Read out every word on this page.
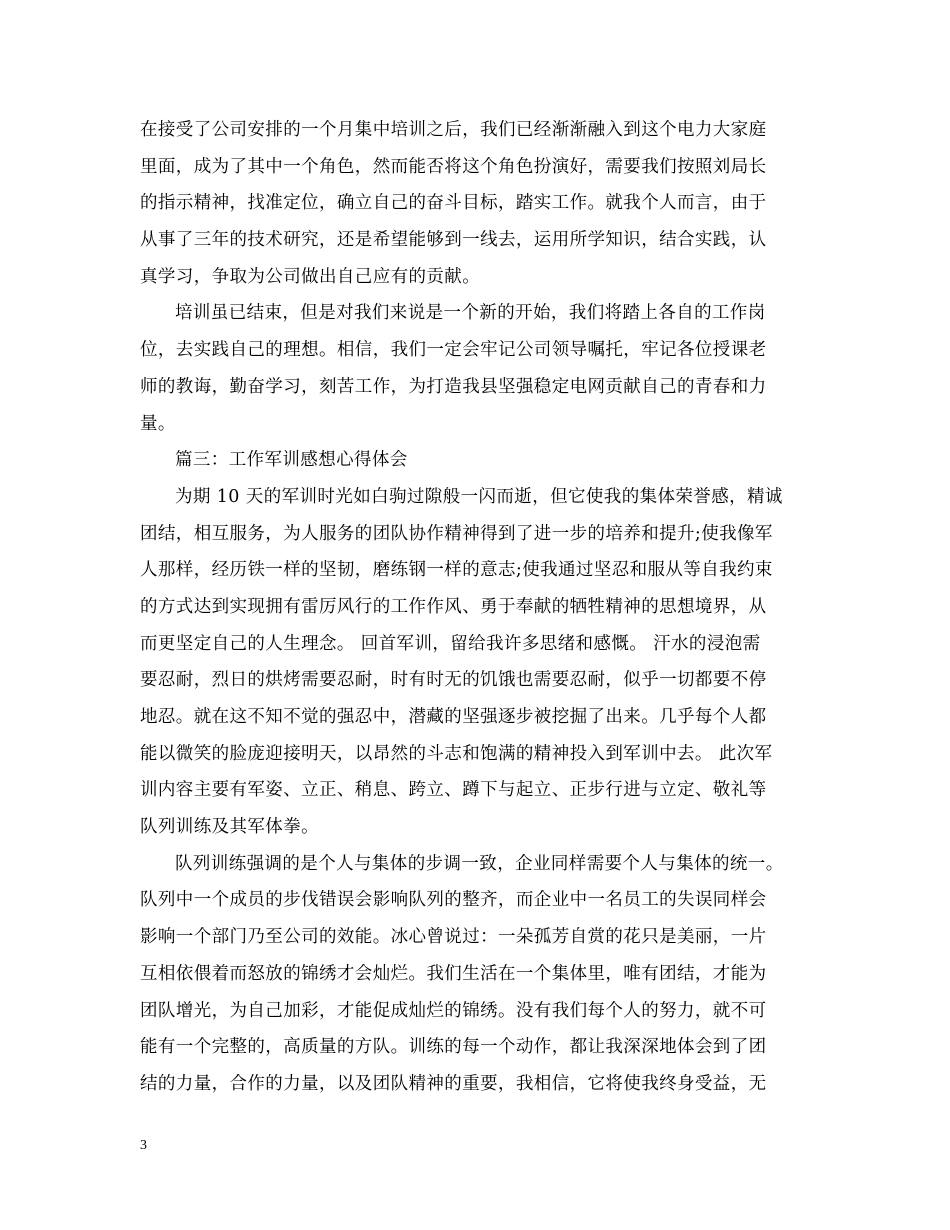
在接受了公司安排的一个月集中培训之后，我们已经渐渐融入到这个电力大家庭
里面，成为了其中一个角色，然而能否将这个角色扮演好，需要我们按照刘局长
的指示精神，找准定位，确立自己的奋斗目标，踏实工作。就我个人而言，由于
从事了三年的技术研究，还是希望能够到一线去，运用所学知识，结合实践，认
真学习，争取为公司做出自己应有的贡献。
培训虽已结束，但是对我们来说是一个新的开始，我们将踏上各自的工作岗
位，去实践自己的理想。相信，我们一定会牢记公司领导嘱托，牢记各位授课老
师的教诲，勤奋学习，刻苦工作，为打造我县坚强稳定电网贡献自己的青春和力
量。
篇三：工作军训感想心得体会
为期 10 天的军训时光如白驹过隙般一闪而逝，但它使我的集体荣誉感，精诚
团结，相互服务，为人服务的团队协作精神得到了进一步的培养和提升;使我像军
人那样，经历铁一样的坚韧，磨练钢一样的意志;使我通过坚忍和服从等自我约束
的方式达到实现拥有雷厉风行的工作作风、勇于奉献的牺牲精神的思想境界，从
而更坚定自己的人生理念。 回首军训，留给我许多思绪和感慨。 汗水的浸泡需
要忍耐，烈日的烘烤需要忍耐，时有时无的饥饿也需要忍耐，似乎一切都要不停
地忍。就在这不知不觉的强忍中，潜藏的坚强逐步被挖掘了出来。几乎每个人都
能以微笑的脸庞迎接明天，以昂然的斗志和饱满的精神投入到军训中去。 此次军
训内容主要有军姿、立正、稍息、跨立、蹲下与起立、正步行进与立定、敬礼等
队列训练及其军体拳。
队列训练强调的是个人与集体的步调一致，企业同样需要个人与集体的统一。
队列中一个成员的步伐错误会影响队列的整齐，而企业中一名员工的失误同样会
影响一个部门乃至公司的效能。冰心曾说过：一朵孤芳自赏的花只是美丽，一片
互相依偎着而怒放的锦绣才会灿烂。我们生活在一个集体里，唯有团结，才能为
团队增光，为自己加彩，才能促成灿烂的锦绣。没有我们每个人的努力，就不可
能有一个完整的，高质量的方队。训练的每一个动作，都让我深深地体会到了团
结的力量，合作的力量，以及团队精神的重要，我相信，它将使我终身受益，无
3
